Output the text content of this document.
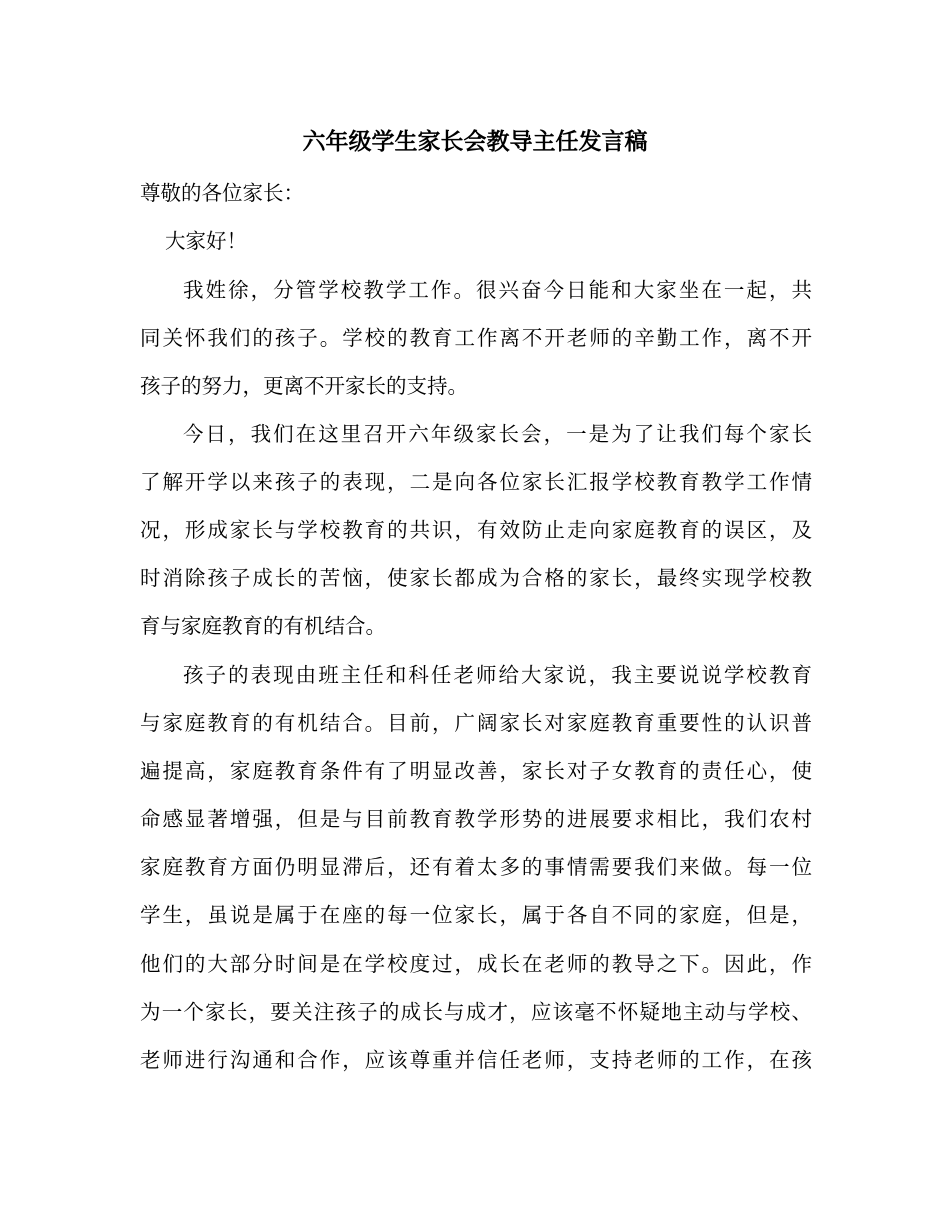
六年级学生家长会教导主任发言稿

尊敬的各位家长：

大家好！

我姓徐，分管学校教学工作。很兴奋今日能和大家坐在一起，共

同关怀我们的孩子。学校的教育工作离不开老师的辛勤工作，离不开

孩子的努力，更离不开家长的支持。

今日，我们在这里召开六年级家长会，一是为了让我们每个家长

了解开学以来孩子的表现，二是向各位家长汇报学校教育教学工作情

况，形成家长与学校教育的共识，有效防止走向家庭教育的误区，及

时消除孩子成长的苦恼，使家长都成为合格的家长，最终实现学校教

育与家庭教育的有机结合。

孩子的表现由班主任和科任老师给大家说，我主要说说学校教育

与家庭教育的有机结合。目前，广阔家长对家庭教育重要性的认识普

遍提高，家庭教育条件有了明显改善，家长对子女教育的责任心，使

命感显著增强，但是与目前教育教学形势的进展要求相比，我们农村

家庭教育方面仍明显滞后，还有着太多的事情需要我们来做。每一位

学生，虽说是属于在座的每一位家长，属于各自不同的家庭，但是，

他们的大部分时间是在学校度过，成长在老师的教导之下。因此，作

为一个家长，要关注孩子的成长与成才，应该毫不怀疑地主动与学校、

老师进行沟通和合作，应该尊重并信任老师，支持老师的工作，在孩
